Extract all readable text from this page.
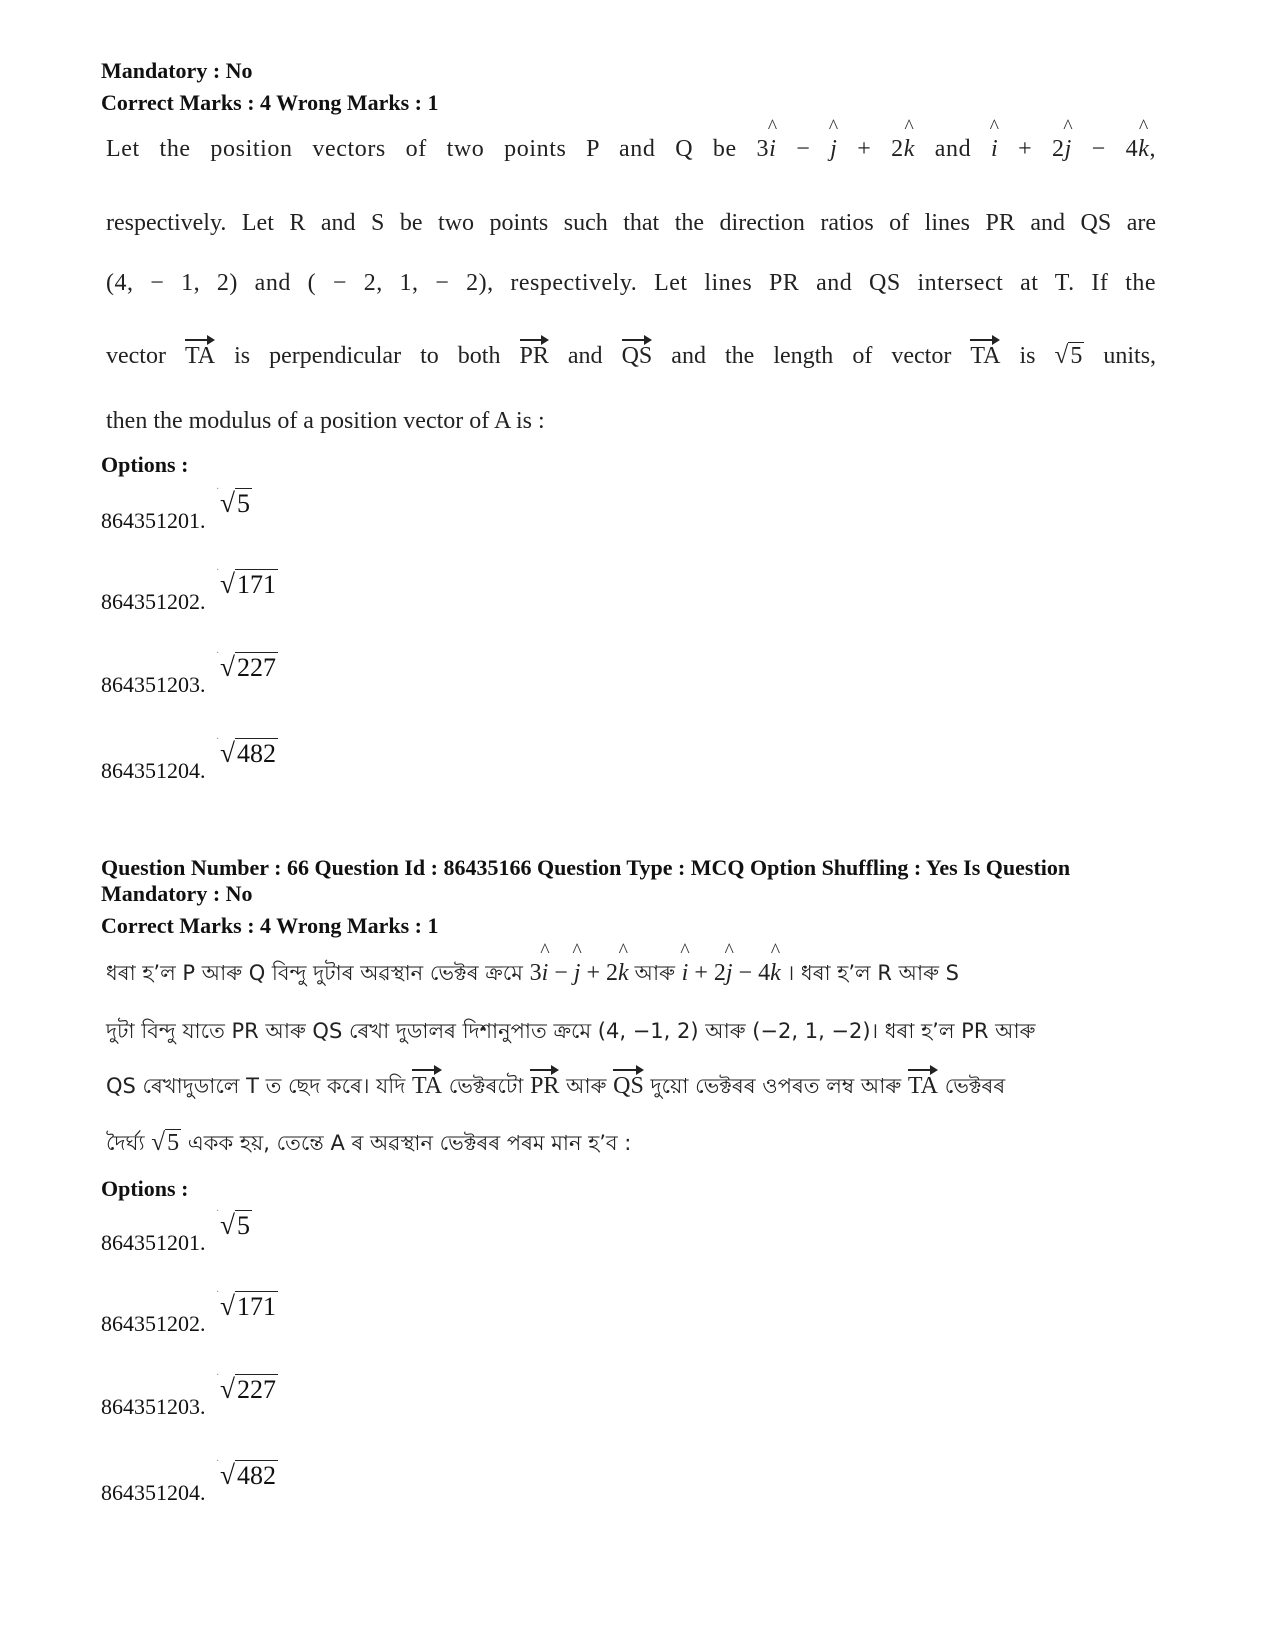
Mandatory : No
Correct Marks : 4 Wrong Marks : 1
Let the position vectors of two points P and Q be 3^ i − ^ j + 2^ k and ^ i + 2^ j − 4^ k,
respectively. Let R and S be two points such that the direction ratios of lines PR and QS are
(4, − 1, 2) and ( − 2, 1, − 2), respectively. Let lines PR and QS intersect at T. If the
vector TA is perpendicular to both PR and QS and the length of vector TA is √5 units,
then the modulus of a position vector of A is :
Options :
·
864351201.
√5
·
864351202.
√171
·
864351203.
√227
·
864351204.
√482
Question Number : 66 Question Id : 86435166 Question Type : MCQ Option Shuffling : Yes Is Question
Mandatory : No
Correct Marks : 4 Wrong Marks : 1
ধৰা হ’ল P আৰু Q বিন্দু দুটাৰ অৱস্থান ভেক্টৰ ক্ৰমে 3^ i − ^ j + 2^ k আৰু ^ i + 2^ j − 4^ k । ধৰা হ’ল R আৰু S
দুটা বিন্দু যাতে PR আৰু QS ৰেখা দুডালৰ দিশানুপাত ক্ৰমে (4, −1, 2) আৰু (−2, 1, −2)। ধৰা হ’ল PR আৰু
QS ৰেখাদুডালে T ত ছেদ কৰে। যদি TA ভেক্টৰটো PR আৰু QS দুয়ো ভেক্টৰৰ ওপৰত লম্ব আৰু TA ভেক্টৰৰ
দৈৰ্ঘ্য √5 একক হয়, তেন্তে A ৰ অৱস্থান ভেক্টৰৰ পৰম মান হ’ব :
Options :
·
864351201.
√5
·
864351202.
√171
·
864351203.
√227
·
864351204.
√482
